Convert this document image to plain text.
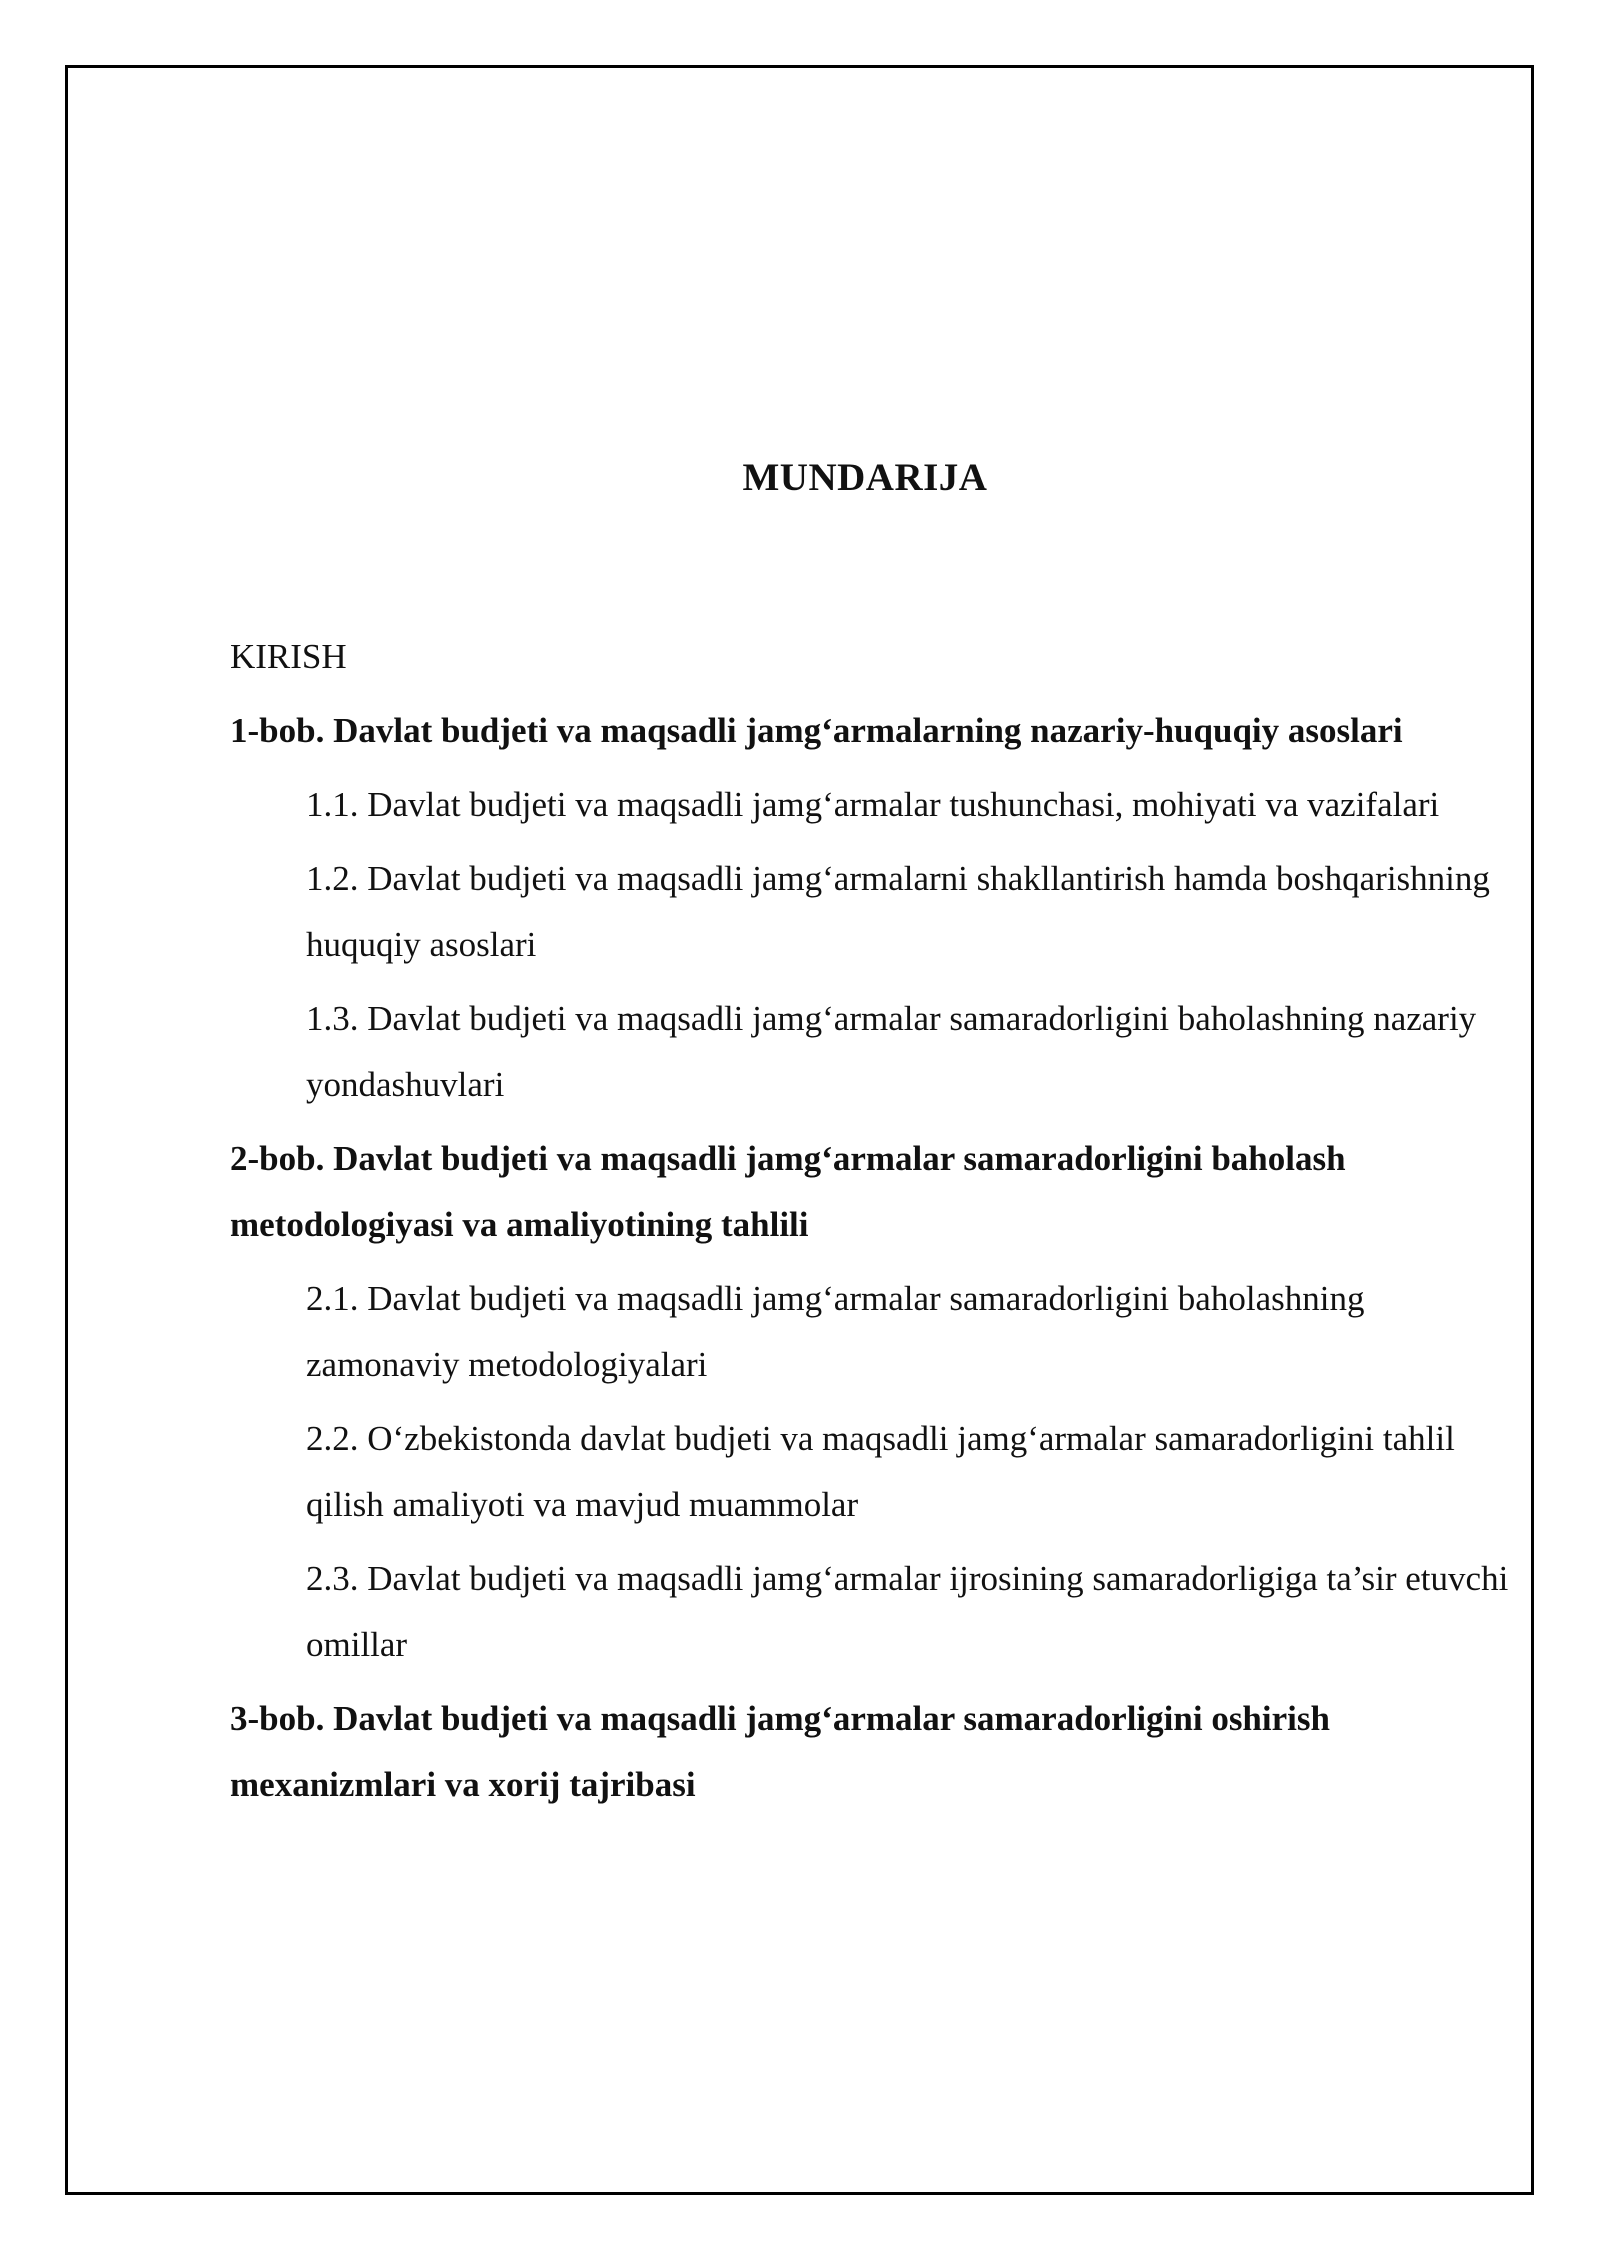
MUNDARIJA
KIRISH
1-bob. Davlat budjeti va maqsadli jamg‘armalarning nazariy-huquqiy asoslari
1.1. Davlat budjeti va maqsadli jamg‘armalar tushunchasi, mohiyati va vazifalari
1.2. Davlat budjeti va maqsadli jamg‘armalarni shakllantirish hamda boshqarishning huquqiy asoslari
1.3. Davlat budjeti va maqsadli jamg‘armalar samaradorligini baholashning nazariy yondashuvlari
2-bob. Davlat budjeti va maqsadli jamg‘armalar samaradorligini baholash metodologiyasi va amaliyotining tahlili
2.1. Davlat budjeti va maqsadli jamg‘armalar samaradorligini baholashning zamonaviy metodologiyalari
2.2. O‘zbekistonda davlat budjeti va maqsadli jamg‘armalar samaradorligini tahlil qilish amaliyoti va mavjud muammolar
2.3. Davlat budjeti va maqsadli jamg‘armalar ijrosining samaradorligiga ta’sir etuvchi omillar
3-bob. Davlat budjeti va maqsadli jamg‘armalar samaradorligini oshirish mexanizmlari va xorij tajribasi
